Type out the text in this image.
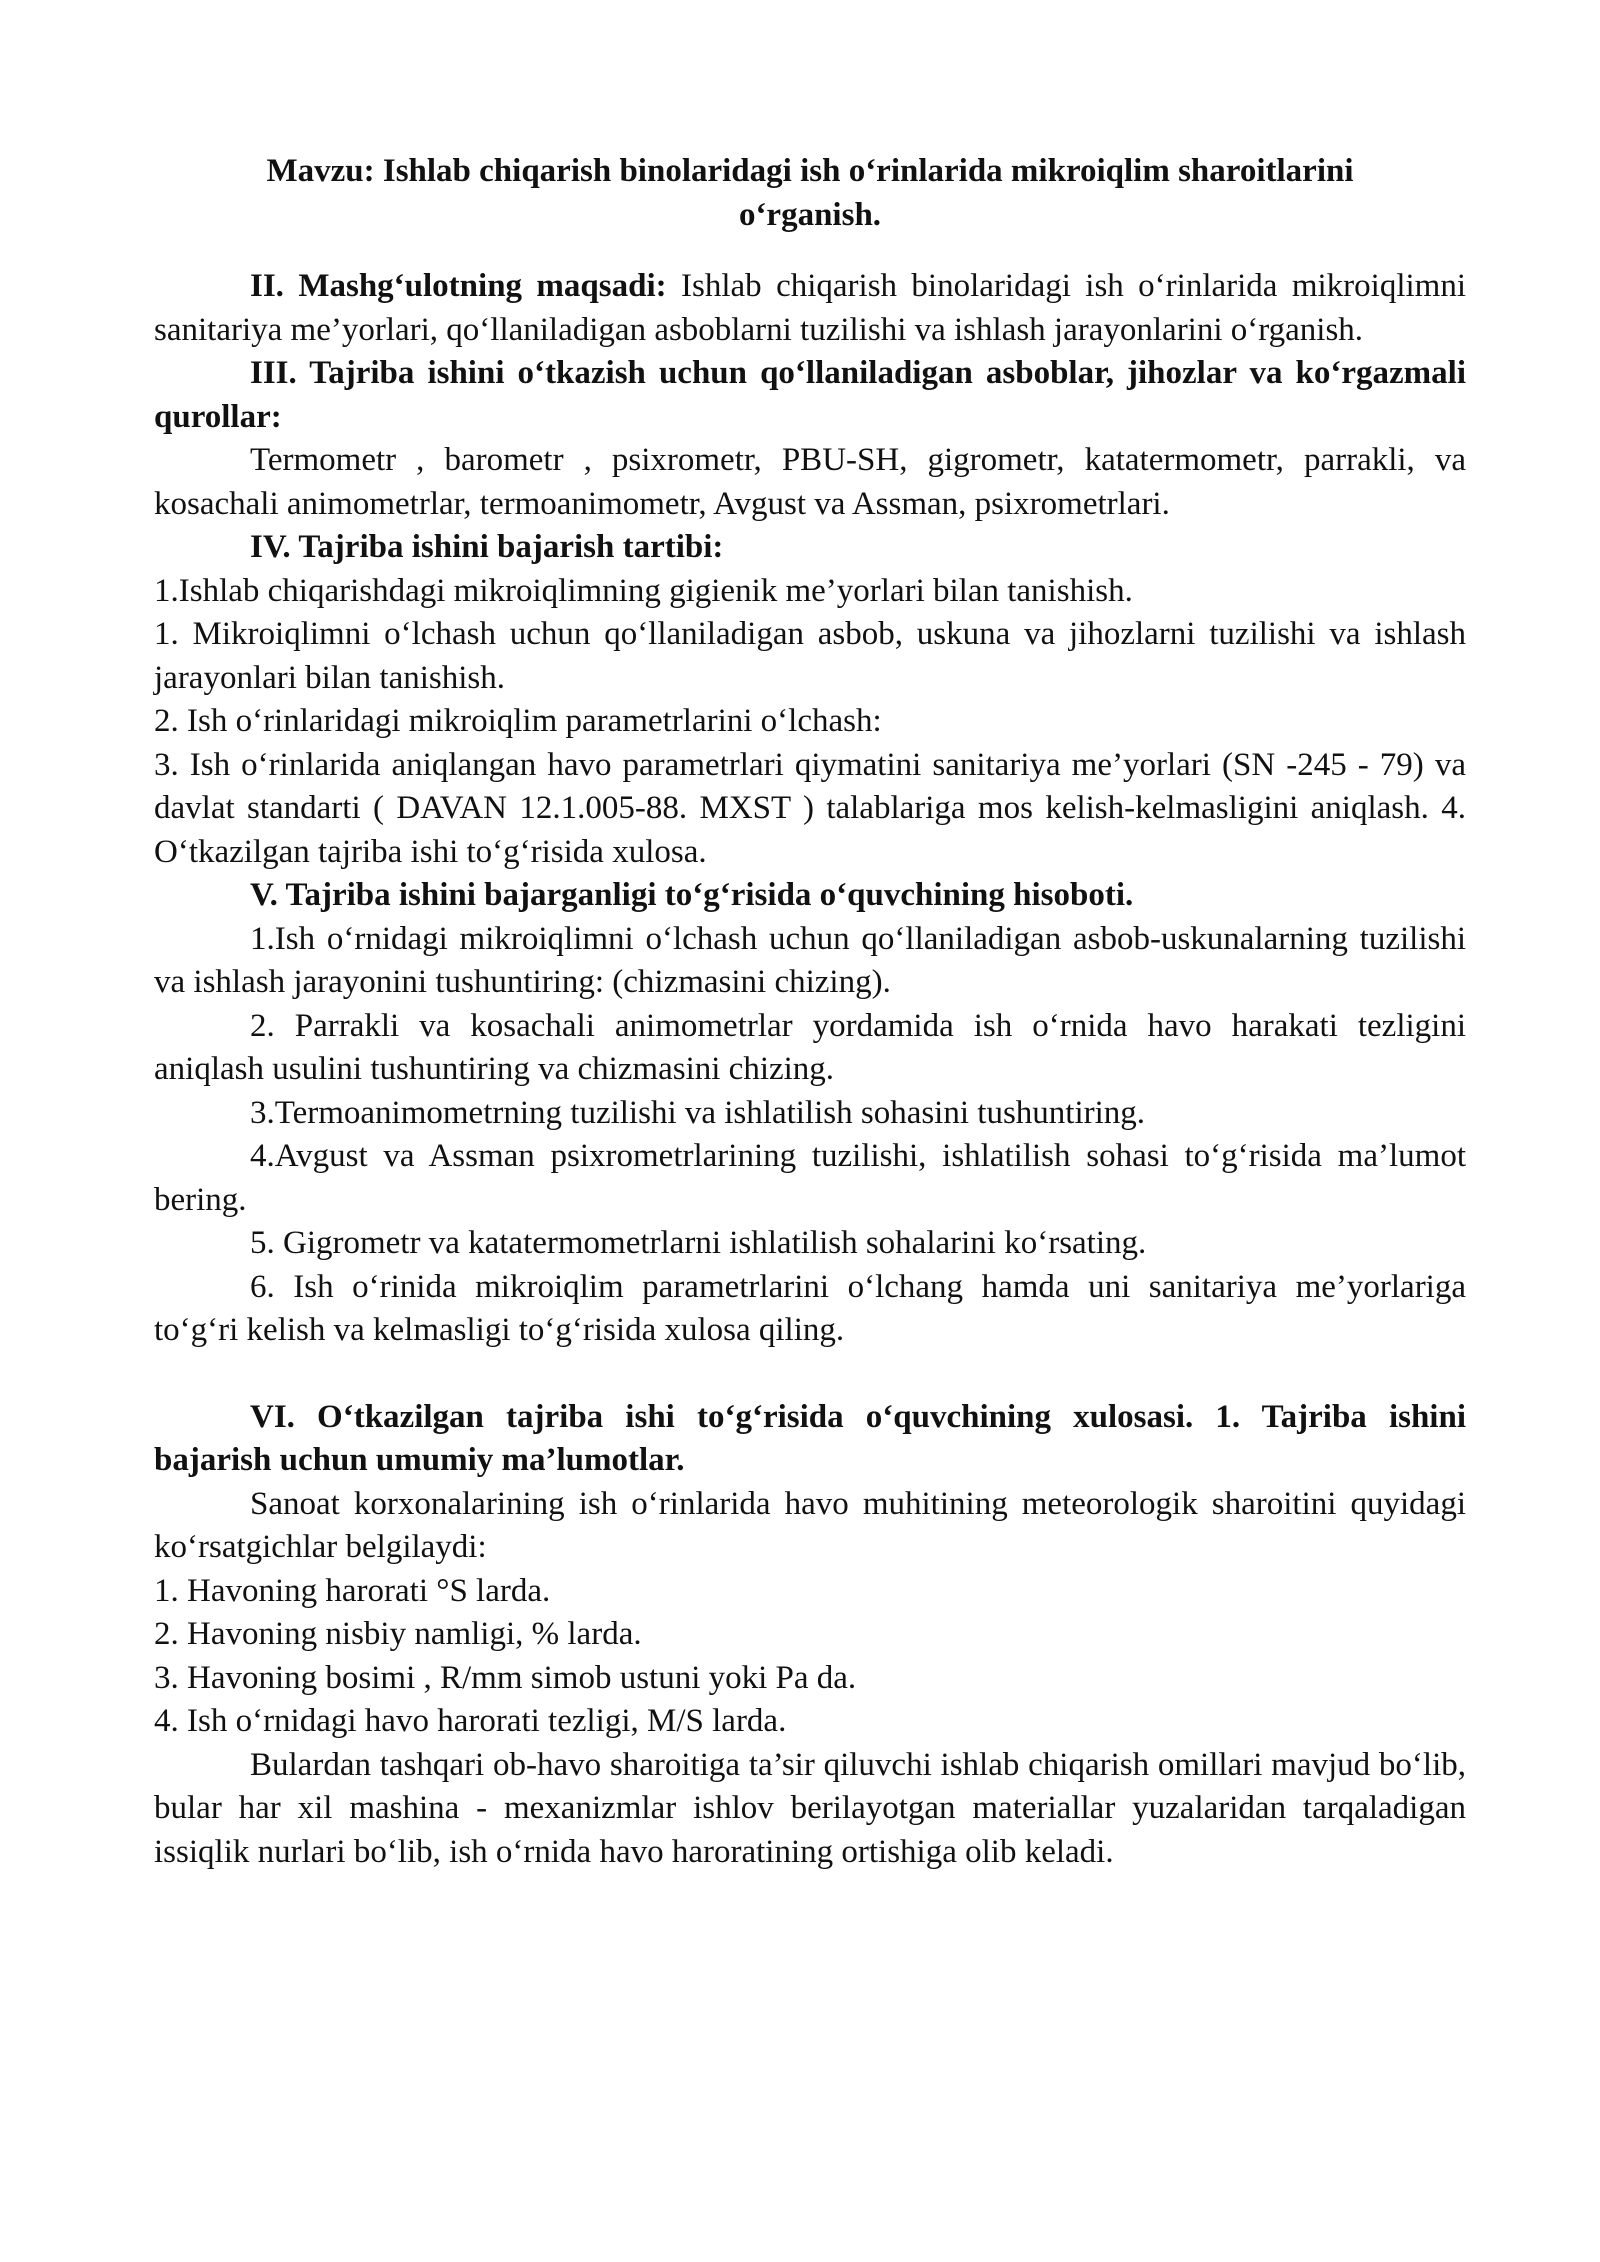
Mavzu: Ishlab chiqarish binolaridagi ish o‘rinlarida mikroiqlim sharoitlarini
o‘rganish.

II. Mashg‘ulotning maqsadi: Ishlab chiqarish binolaridagi ish o‘rinlarida mikroiqlimni sanitariya me’yorlari, qo‘llaniladigan asboblarni tuzilishi va ishlash jarayonlarini o‘rganish.

III. Tajriba ishini o‘tkazish uchun qo‘llaniladigan asboblar, jihozlar va ko‘rgazmali qurollar:

Termometr , barometr , psixrometr, PBU-SH, gigrometr, katatermometr, parrakli, va kosachali animometrlar, termoanimometr, Avgust va Assman, psixrometrlari.

IV. Tajriba ishini bajarish tartibi:

1.Ishlab chiqarishdagi mikroiqlimning gigienik me’yorlari bilan tanishish.

1. Mikroiqlimni o‘lchash uchun qo‘llaniladigan asbob, uskuna va jihozlarni tuzilishi va ishlash jarayonlari bilan tanishish.

2. Ish o‘rinlaridagi mikroiqlim parametrlarini o‘lchash:

3. Ish o‘rinlarida aniqlangan havo parametrlari qiymatini sanitariya me’yorlari (SN -245 - 79) va davlat standarti ( DAVAN 12.1.005-88. MXST ) talablariga mos kelish-kelmasligini aniqlash. 4. O‘tkazilgan tajriba ishi to‘g‘risida xulosa.

V. Tajriba ishini bajarganligi to‘g‘risida o‘quvchining hisoboti.

1.Ish o‘rnidagi mikroiqlimni o‘lchash uchun qo‘llaniladigan asbob-uskunalarning tuzilishi va ishlash jarayonini tushuntiring: (chizmasini chizing).

2. Parrakli va kosachali animometrlar yordamida ish o‘rnida havo harakati tezligini aniqlash usulini tushuntiring va chizmasini chizing.

3.Termoanimometrning tuzilishi va ishlatilish sohasini tushuntiring.

4.Avgust va Assman psixrometrlarining tuzilishi, ishlatilish sohasi to‘g‘risida ma’lumot bering.

5. Gigrometr va katatermometrlarni ishlatilish sohalarini ko‘rsating.

6. Ish o‘rinida mikroiqlim parametrlarini o‘lchang hamda uni sanitariya me’yorlariga to‘g‘ri kelish va kelmasligi to‘g‘risida xulosa qiling.

VI. O‘tkazilgan tajriba ishi to‘g‘risida o‘quvchining xulosasi. 1. Tajriba ishini bajarish uchun umumiy ma’lumotlar.

Sanoat korxonalarining ish o‘rinlarida havo muhitining meteorologik sharoitini quyidagi ko‘rsatgichlar belgilaydi:

1. Havoning harorati °S lardа.

2. Havoning nisbiy namligi, % larda.

3. Havoning bosimi , R/mm simob ustuni yoki Pa da.

4. Ish o‘rnidagi havo harorati tezligi, M/S larda.

Bulardan tashqari ob-havo sharoitiga ta’sir qiluvchi ishlab chiqarish omillari mavjud bo‘lib, bular har xil mashina - mexanizmlar ishlov berilayotgan materiallar yuzalaridan tarqaladigan issiqlik nurlari bo‘lib, ish o‘rnida havo haroratining ortishiga olib keladi.
